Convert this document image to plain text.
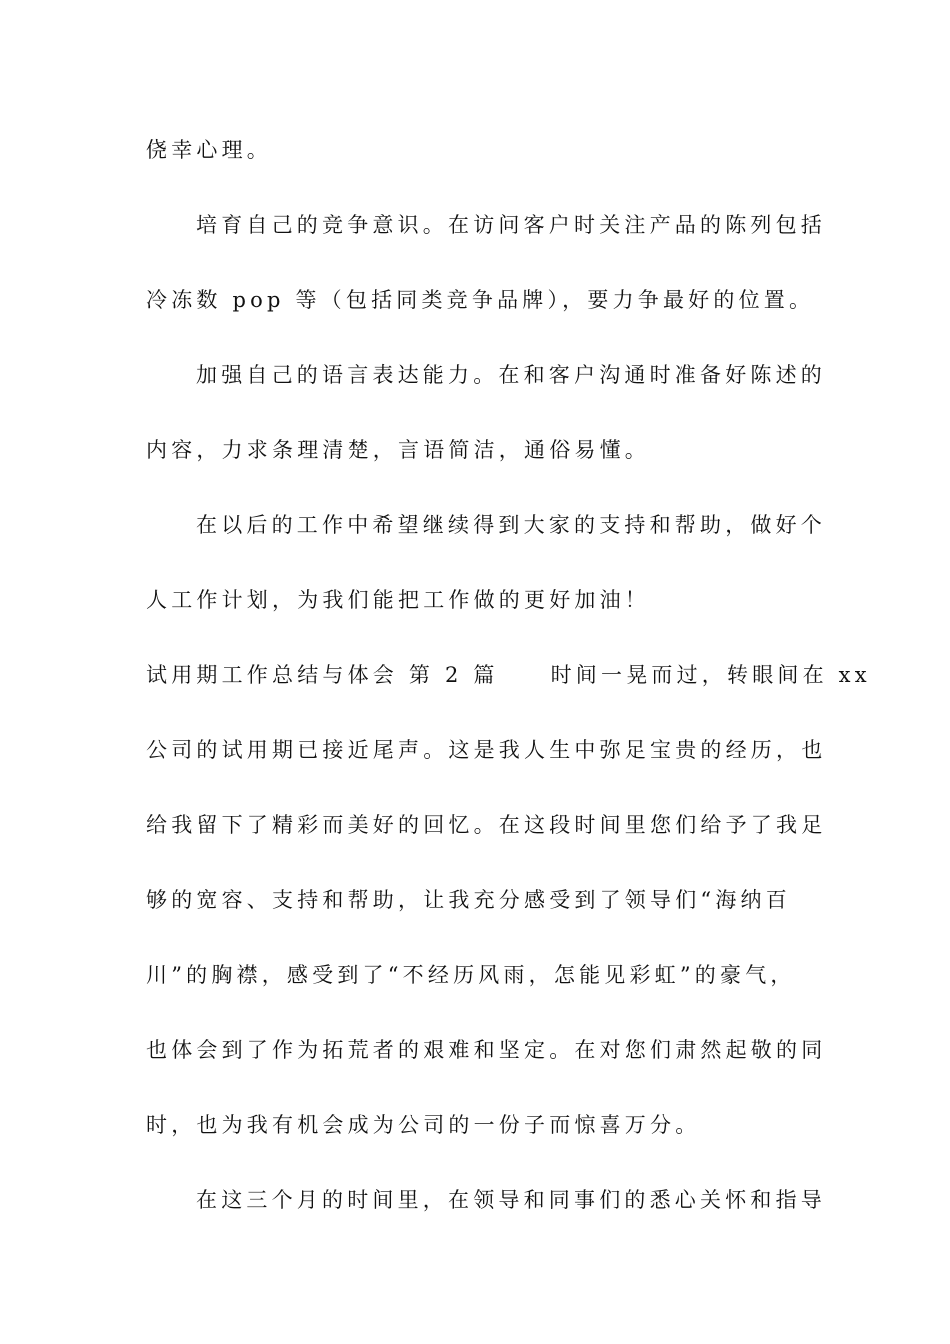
侥幸心理。
培育自己的竞争意识。在访问客户时关注产品的陈列包括
冷冻数 pop 等（包括同类竞争品牌），要力争最好的位置。
加强自己的语言表达能力。在和客户沟通时准备好陈述的
内容，力求条理清楚，言语简洁，通俗易懂。
在以后的工作中希望继续得到大家的支持和帮助，做好个
人工作计划，为我们能把工作做的更好加油！
试用期工作总结与体会 第 2 篇 时间一晃而过，转眼间在 xx
公司的试用期已接近尾声。这是我人生中弥足宝贵的经历，也
给我留下了精彩而美好的回忆。在这段时间里您们给予了我足
够的宽容、支持和帮助，让我充分感受到了领导们“海纳百
川”的胸襟，感受到了“不经历风雨，怎能见彩虹”的豪气，
也体会到了作为拓荒者的艰难和坚定。在对您们肃然起敬的同
时，也为我有机会成为公司的一份子而惊喜万分。
在这三个月的时间里，在领导和同事们的悉心关怀和指导
